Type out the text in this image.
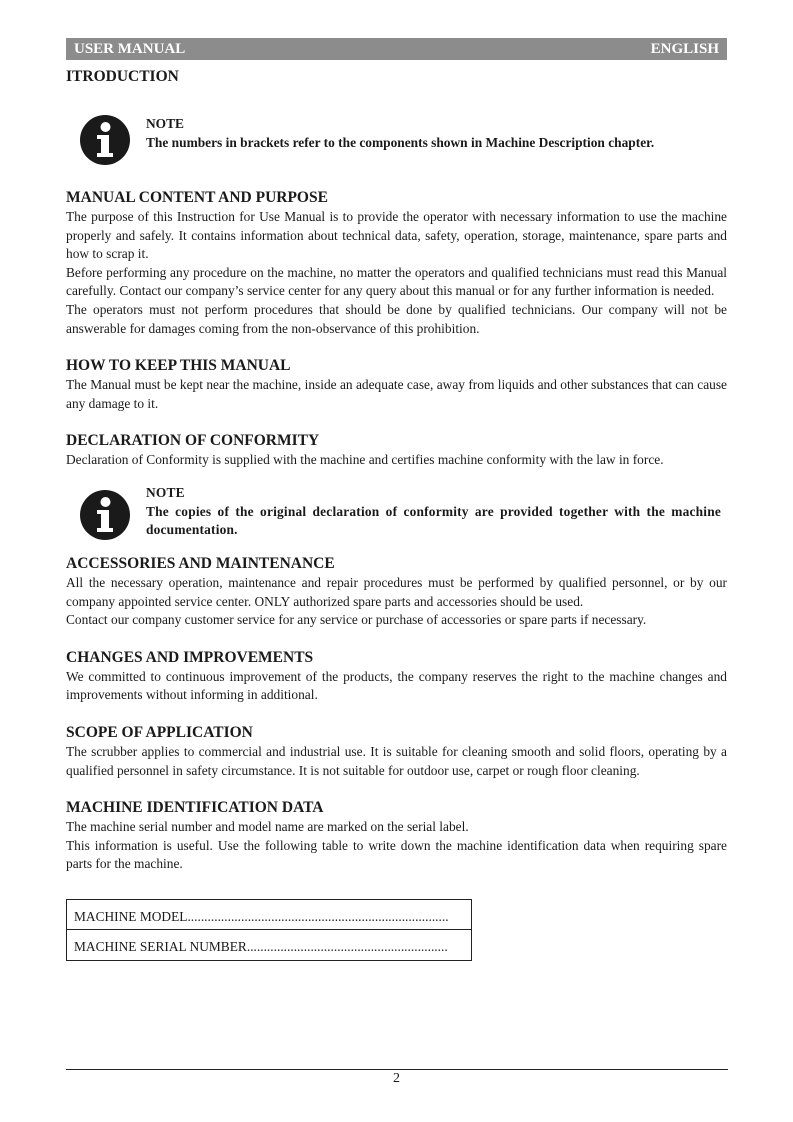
USER MANUAL	ENGLISH
ITRODUCTION
NOTE
The numbers in brackets refer to the components shown in Machine Description chapter.
MANUAL CONTENT AND PURPOSE

The purpose of this Instruction for Use Manual is to provide the operator with necessary information to use the machine properly and safely. It contains information about technical data, safety, operation, storage, maintenance, spare parts and how to scrap it.

Before performing any procedure on the machine, no matter the operators and qualified technicians must read this Manual carefully. Contact our company’s service center for any query about this manual or for any further information is needed.

The operators must not perform procedures that should be done by qualified technicians. Our company will not be answerable for damages coming from the non-observance of this prohibition.

HOW TO KEEP THIS MANUAL

The Manual must be kept near the machine, inside an adequate case, away from liquids and other substances that can cause any damage to it.

DECLARATION OF CONFORMITY

Declaration of Conformity is supplied with the machine and certifies machine conformity with the law in force.

NOTE
The copies of the original declaration of conformity are provided together with the machine documentation.
ACCESSORIES AND MAINTENANCE

All the necessary operation, maintenance and repair procedures must be performed by qualified personnel, or by our company appointed service center. ONLY authorized spare parts and accessories should be used.

Contact our company customer service for any service or purchase of accessories or spare parts if necessary.

CHANGES AND IMPROVEMENTS

We committed to continuous improvement of the products, the company reserves the right to the machine changes and improvements without informing in additional.

SCOPE OF APPLICATION

The scrubber applies to commercial and industrial use. It is suitable for cleaning smooth and solid floors, operating by a qualified personnel in safety circumstance. It is not suitable for outdoor use, carpet or rough floor cleaning.

MACHINE IDENTIFICATION DATA

The machine serial number and model name are marked on the serial label.

This information is useful. Use the following table to write down the machine identification data when requiring spare parts for the machine.

MACHINE MODEL..............................................................................
MACHINE SERIAL NUMBER............................................................
2
